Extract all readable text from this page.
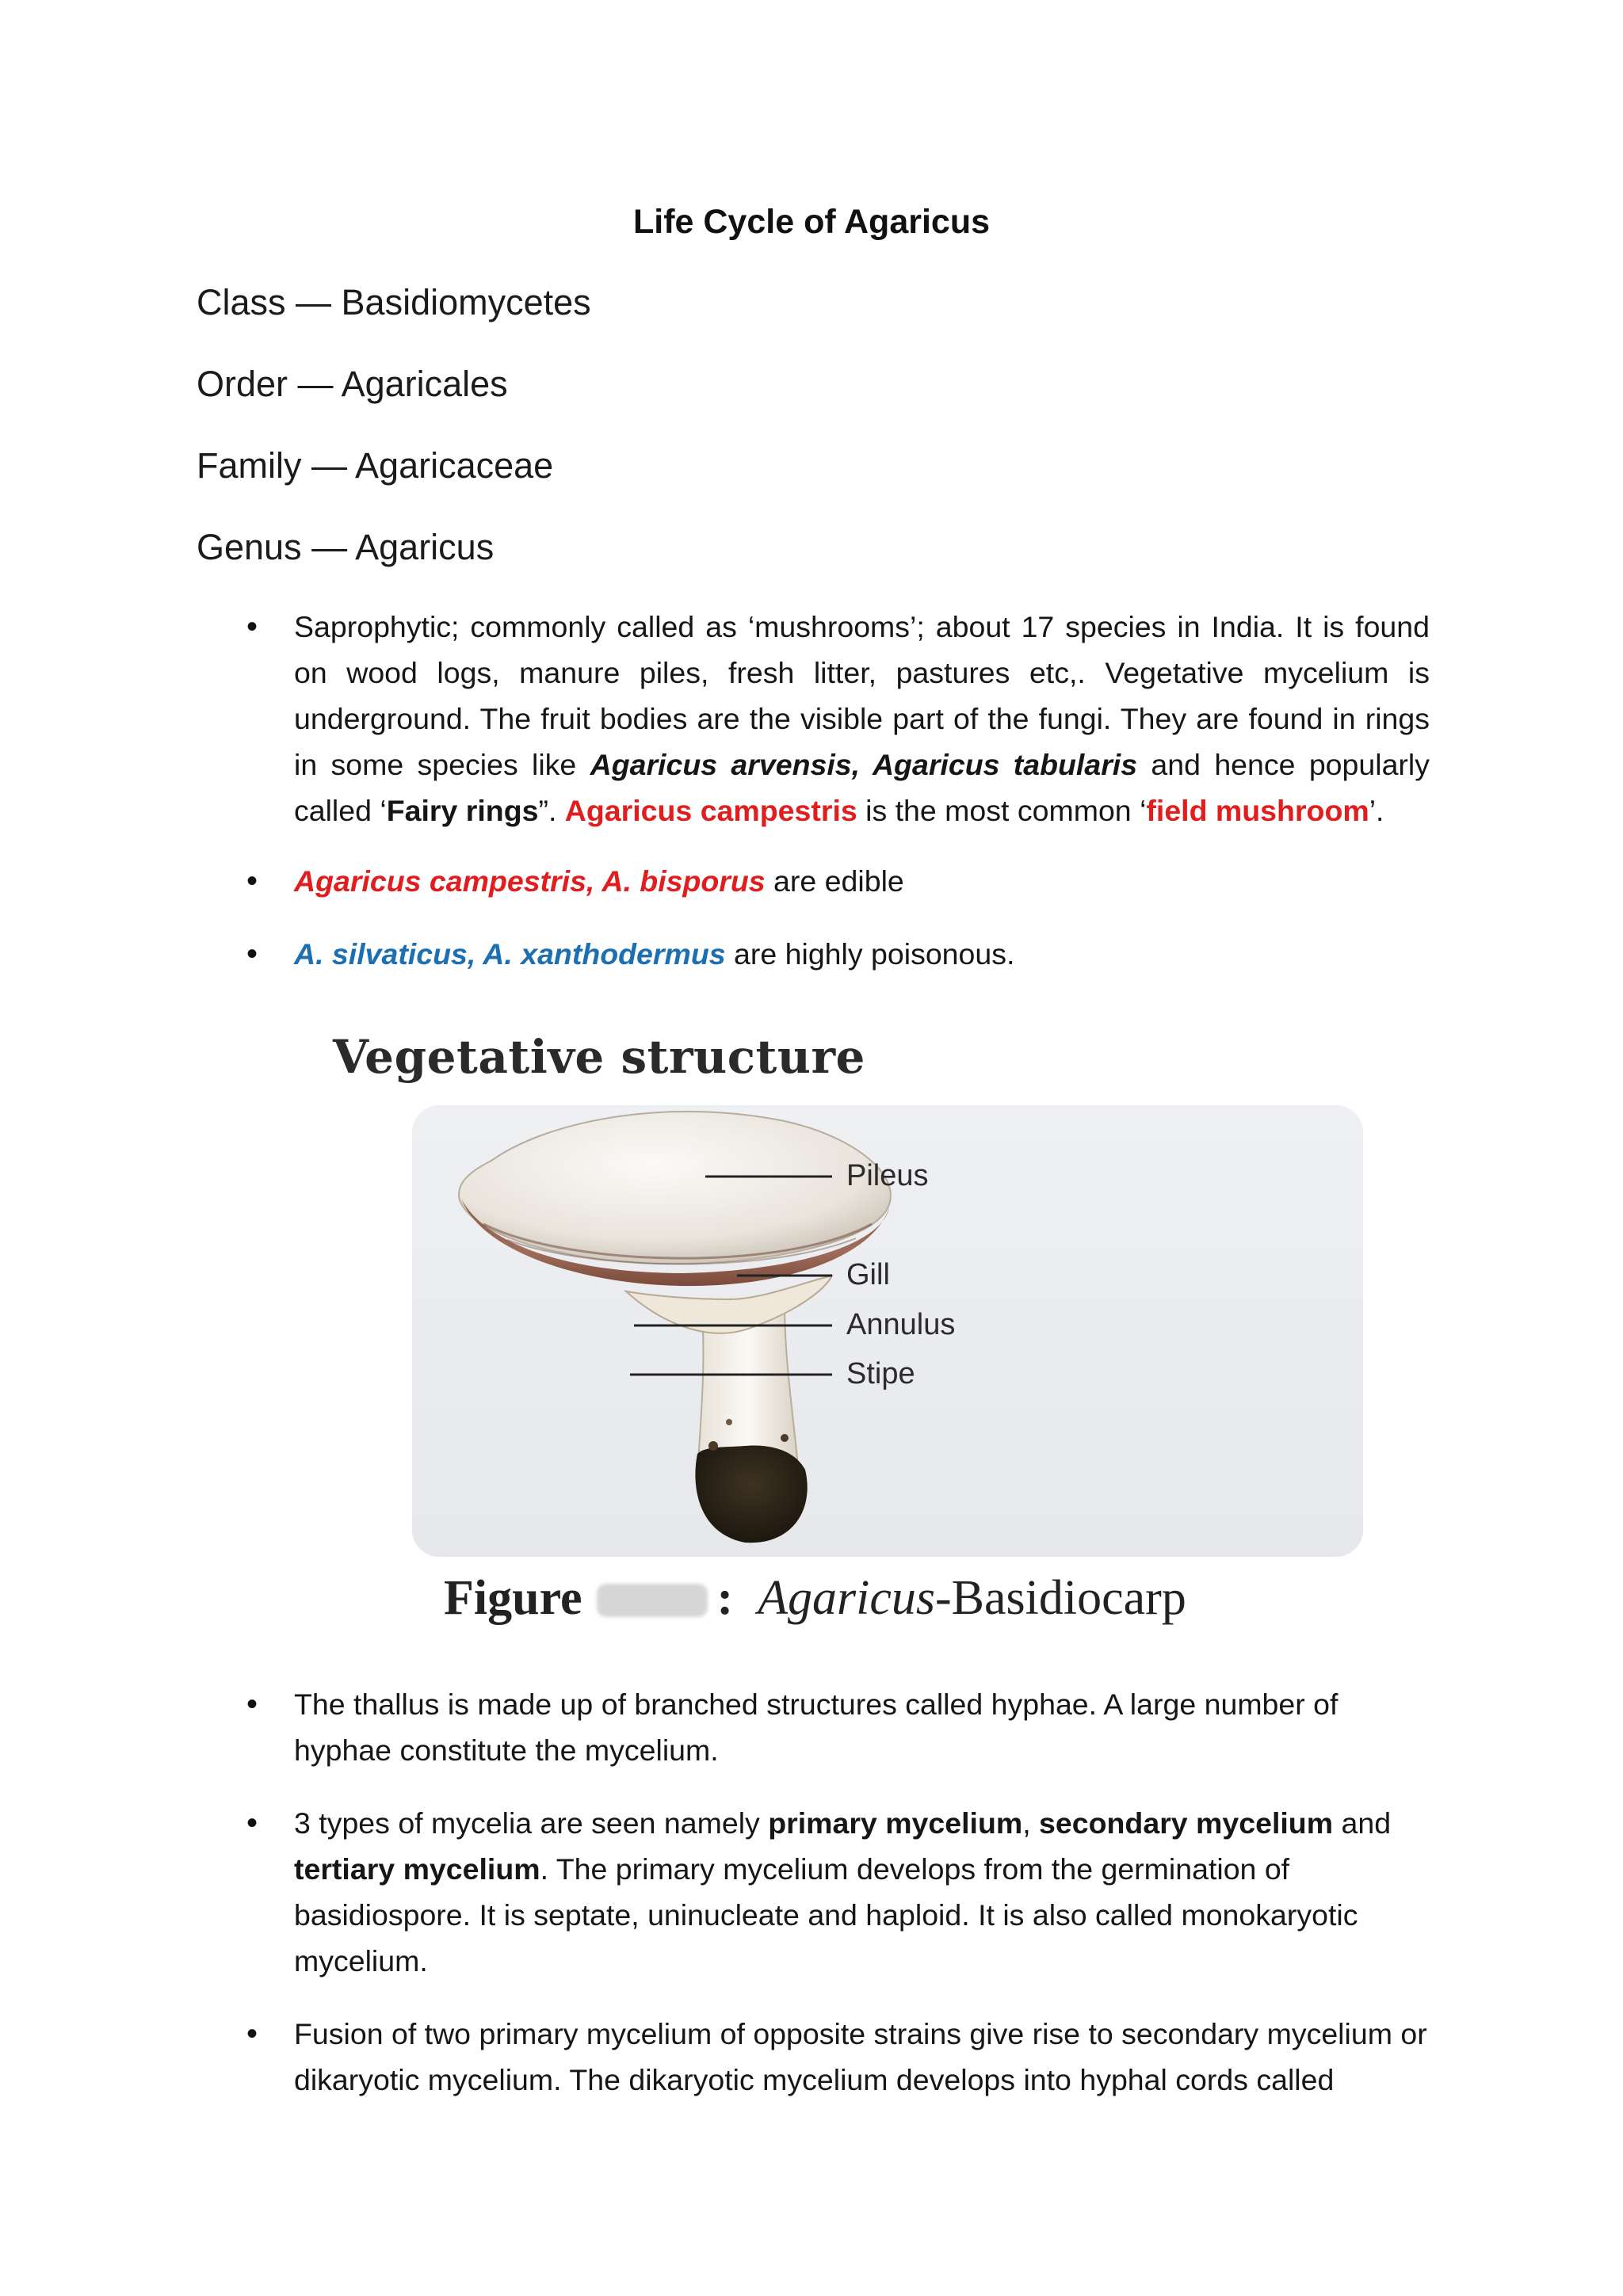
Life Cycle of Agaricus
Class — Basidiomycetes
Order — Agaricales
Family — Agaricaceae
Genus — Agaricus
• Saprophytic; commonly called as ‘mushrooms’; about 17 species in India. It is found on wood logs, manure piles, fresh litter, pastures etc,. Vegetative mycelium is underground. The fruit bodies are the visible part of the fungi. They are found in rings in some species like Agaricus arvensis, Agaricus tabularis and hence popularly called ‘Fairy rings”. Agaricus campestris is the most common ‘field mushroom’.
• Agaricus campestris, A. bisporus are edible
• A. silvaticus, A. xanthodermus are highly poisonous.
Vegetative structure
Pileus
Gill
Annulus
Stipe
Figure	: Agaricus-Basidiocarp
• The thallus is made up of branched structures called hyphae. A large number of hyphae constitute the mycelium.
• 3 types of mycelia are seen namely primary mycelium, secondary mycelium and tertiary mycelium. The primary mycelium develops from the germination of basidiospore. It is septate, uninucleate and haploid. It is also called monokaryotic mycelium.
• Fusion of two primary mycelium of opposite strains give rise to secondary mycelium or dikaryotic mycelium. The dikaryotic mycelium develops into hyphal cords called
